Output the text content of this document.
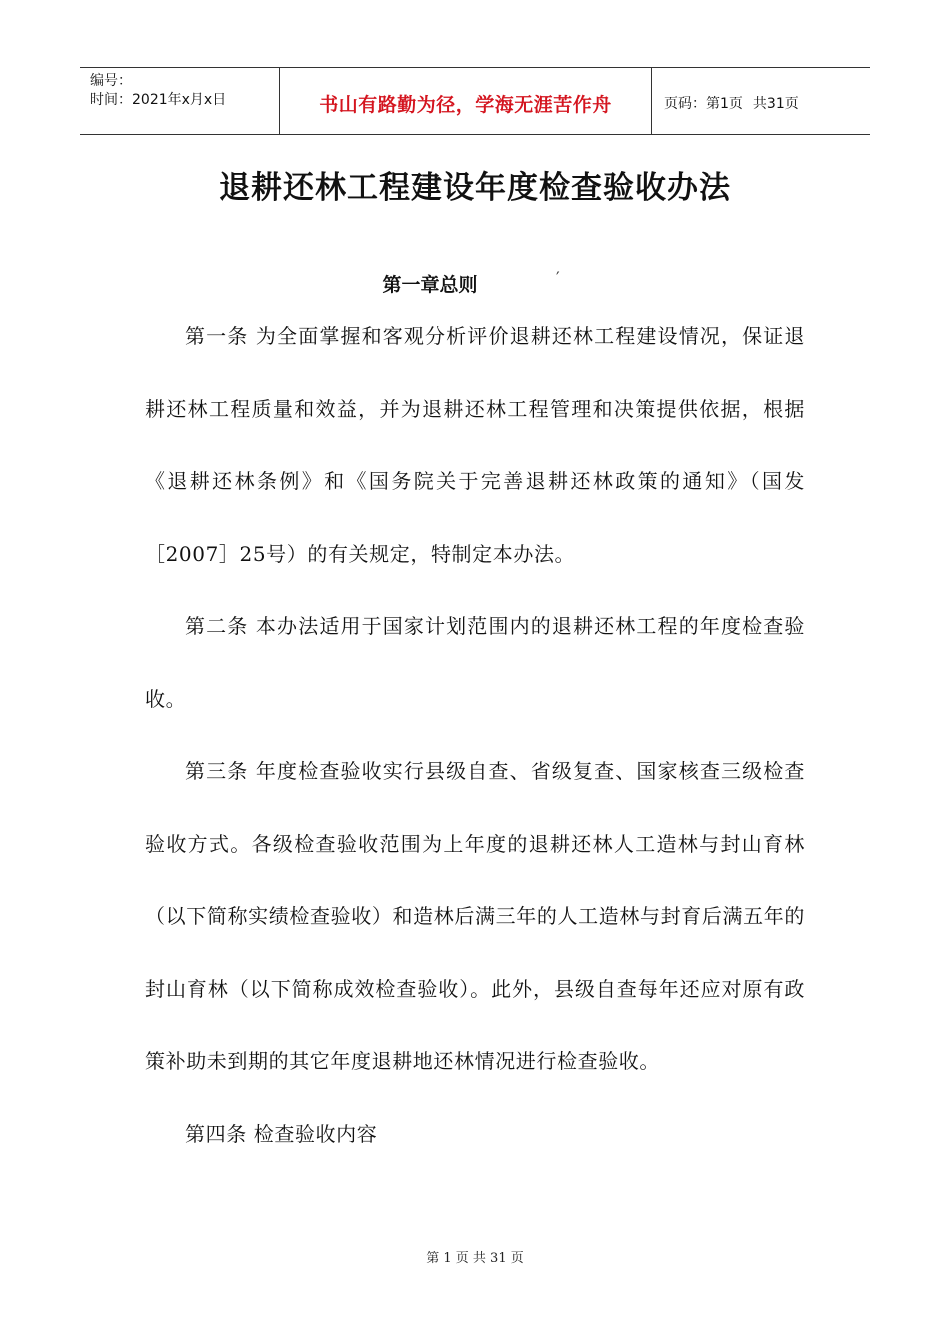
编号：
时间：2021年x月x日	书山有路勤为径，学海无涯苦作舟	页码：第1页 共31页
退耕还林工程建设年度检查验收办法
第一章总则	′

第一条 为全面掌握和客观分析评价退耕还林工程建设情况，保证退耕还林工程质量和效益，并为退耕还林工程管理和决策提供依据，根据《退耕还林条例》和《国务院关于完善退耕还林政策的通知》（国发［2007］25号）的有关规定，特制定本办法。

第二条 本办法适用于国家计划范围内的退耕还林工程的年度检查验收。

第三条 年度检查验收实行县级自查、省级复查、国家核查三级检查验收方式。各级检查验收范围为上年度的退耕还林人工造林与封山育林（以下简称实绩检查验收）和造林后满三年的人工造林与封育后满五年的封山育林（以下简称成效检查验收）。此外，县级自查每年还应对原有政策补助未到期的其它年度退耕地还林情况进行检查验收。

第四条 检查验收内容

第 1 页 共 31 页
